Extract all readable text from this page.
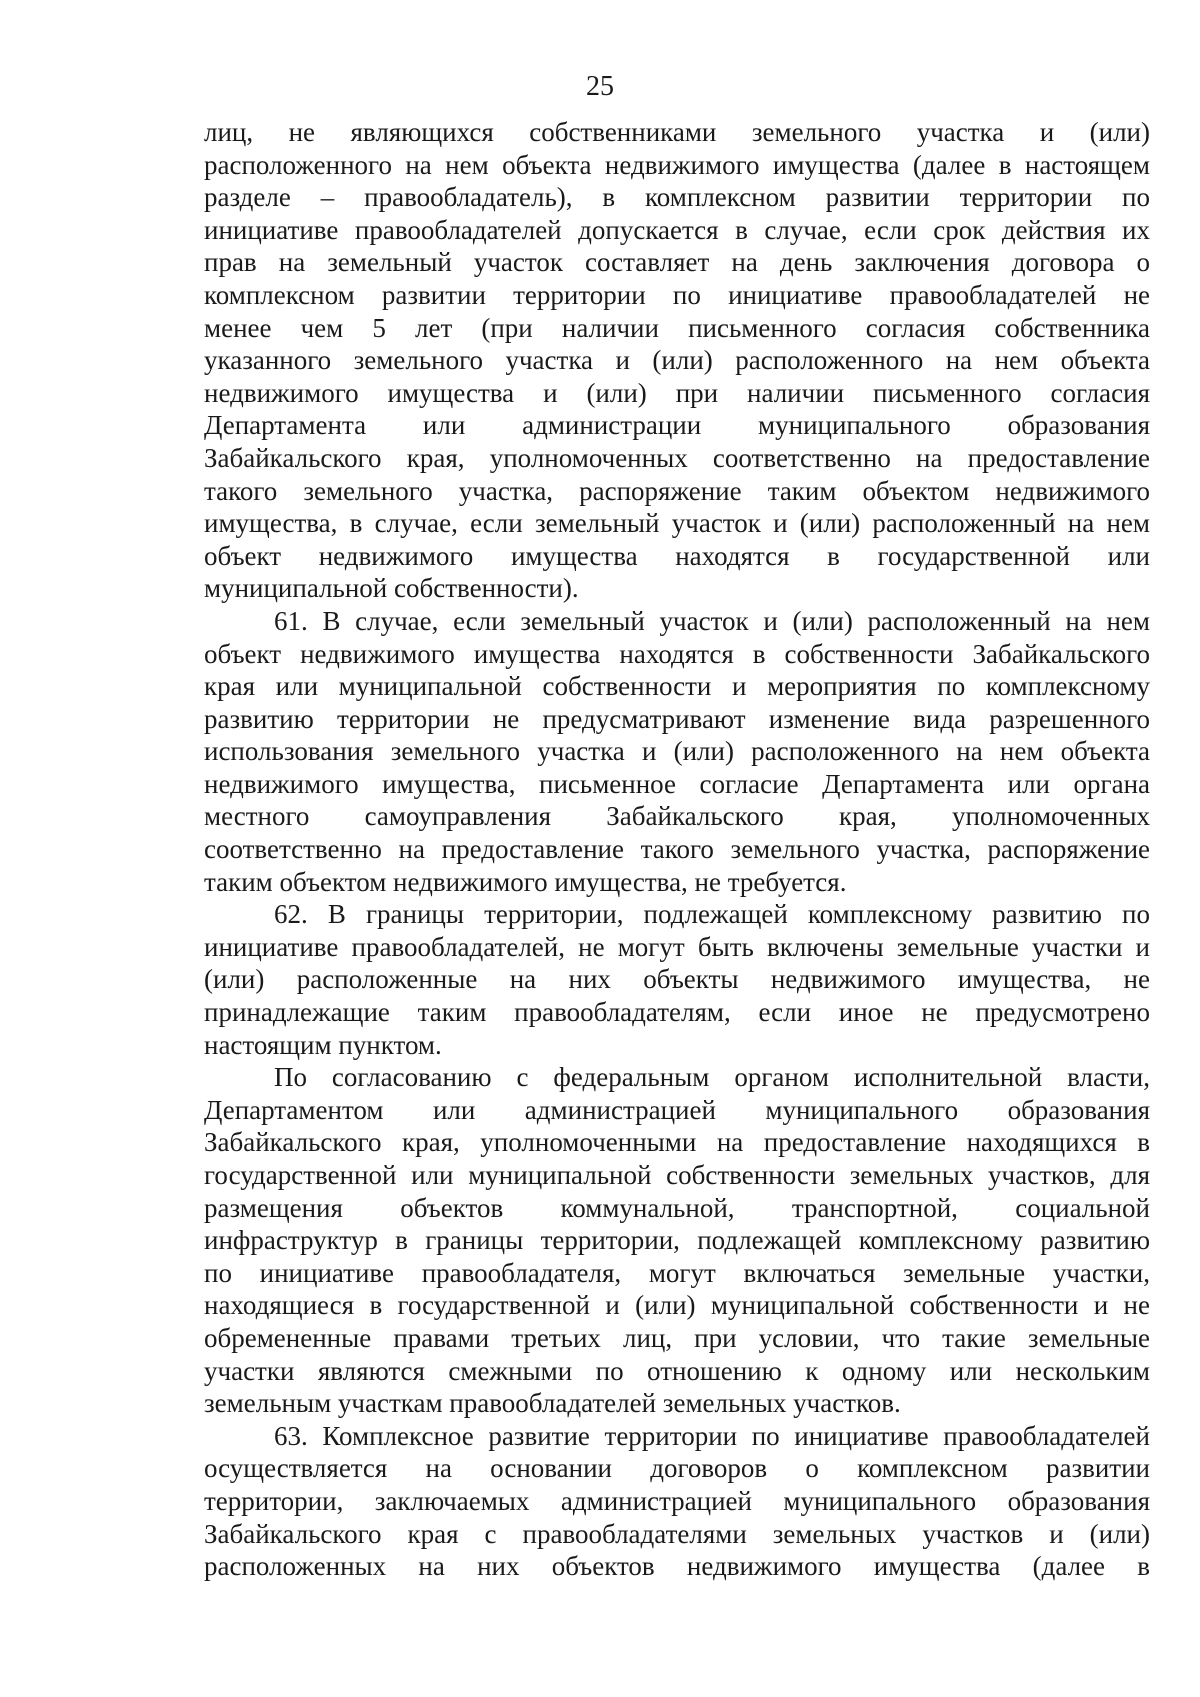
25
лиц, не являющихся собственниками земельного участка и (или)
расположенного на нем объекта недвижимого имущества (далее в настоящем
разделе – правообладатель), в комплексном развитии территории по
инициативе правообладателей допускается в случае, если срок действия их
прав на земельный участок составляет на день заключения договора о
комплексном развитии территории по инициативе правообладателей не
менее чем 5 лет (при наличии письменного согласия собственника
указанного земельного участка и (или) расположенного на нем объекта
недвижимого имущества и (или) при наличии письменного согласия
Департамента или администрации муниципального образования
Забайкальского края, уполномоченных соответственно на предоставление
такого земельного участка, распоряжение таким объектом недвижимого
имущества, в случае, если земельный участок и (или) расположенный на нем
объект недвижимого имущества находятся в государственной или
муниципальной собственности).
61. В случае, если земельный участок и (или) расположенный на нем
объект недвижимого имущества находятся в собственности Забайкальского
края или муниципальной собственности и мероприятия по комплексному
развитию территории не предусматривают изменение вида разрешенного
использования земельного участка и (или) расположенного на нем объекта
недвижимого имущества, письменное согласие Департамента или органа
местного самоуправления Забайкальского края, уполномоченных
соответственно на предоставление такого земельного участка, распоряжение
таким объектом недвижимого имущества, не требуется.
62. В границы территории, подлежащей комплексному развитию по
инициативе правообладателей, не могут быть включены земельные участки и
(или) расположенные на них объекты недвижимого имущества, не
принадлежащие таким правообладателям, если иное не предусмотрено
настоящим пунктом.
По согласованию с федеральным органом исполнительной власти,
Департаментом или администрацией муниципального образования
Забайкальского края, уполномоченными на предоставление находящихся в
государственной или муниципальной собственности земельных участков, для
размещения объектов коммунальной, транспортной, социальной
инфраструктур в границы территории, подлежащей комплексному развитию
по инициативе правообладателя, могут включаться земельные участки,
находящиеся в государственной и (или) муниципальной собственности и не
обремененные правами третьих лиц, при условии, что такие земельные
участки являются смежными по отношению к одному или нескольким
земельным участкам правообладателей земельных участков.
63. Комплексное развитие территории по инициативе правообладателей
осуществляется на основании договоров о комплексном развитии
территории, заключаемых администрацией муниципального образования
Забайкальского края с правообладателями земельных участков и (или)
расположенных на них объектов недвижимого имущества (далее в
